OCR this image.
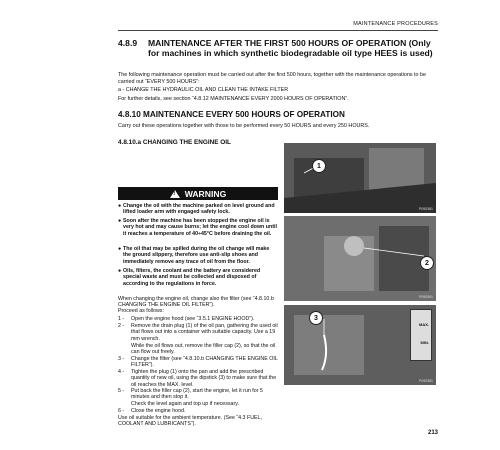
MAINTENANCE PROCEDURES
4.8.9 MAINTENANCE AFTER THE FIRST 500 HOURS OF OPERATION (Only for machines in which synthetic biodegradable oil type HEES is used)
The following maintenance operation must be carried out after the first 500 hours, together with the maintenance operations to be carried out “EVERY 500 HOURS”:
a - CHANGE THE HYDRAULIC OIL AND CLEAN THE INTAKE FILTER
For further details, see section “4.8.12 MAINTENANCE EVERY 2000 HOURS OF OPERATION”.
4.8.10 MAINTENANCE EVERY 500 HOURS OF OPERATION
Carry out these operations together with those to be performed every 50 HOURS and every 250 HOURS.
4.8.10.a CHANGING THE ENGINE OIL
!
WARNING
● Change the oil with the machine parked on level ground and lifted loader arm with engaged safety lock.
● Soon after the machine has been stopped the engine oil is very hot and may cause burns; let the engine cool down until it reaches a temperature of 40÷45°C before draining the oil.
● The oil that may be spilled during the oil change will make the ground slippery, therefore use anti-slip shoes and immediately remove any trace of oil from the floor.
● Oils, filters, the coolant and the battery are considered special waste and must be collected and disposed of according to the regulations in force.
When changing the engine oil, change also the filter (see “4.8.10.b CHANGING THE ENGINE OIL FILTER”).
Proceed as follows:
1 - Open the engine hood (see “3.5.1 ENGINE HOOD”).
2 - Remove the drain plug (1) of the oil pan, gathering the used oil that flows out into a container with suitable capacity. Use a 19 mm wrench.
While the oil flows out, remove the filler cap (2), so that the oil can flow out freely.
3 - Change the filter (see “4.8.10.b CHANGING THE ENGINE OIL FILTER”).
4 - Tighten the plug (1) onto the pan and add the prescribed quantity of new oil, using the dipstick (3) to make sure that the oil reaches the MAX. level.
5 - Put back the filler cap (2), start the engine, let it run for 5 minutes and then stop it.
Check the level again and top up if necessary.
6 - Close the engine hood.
Use oil suitable for the ambient temperature. (See “4.3 FUEL, COOLANT AND LUBRICANTS”).
1
P090381
2
P090391
3
MAX.
MIN.
P090381
213
